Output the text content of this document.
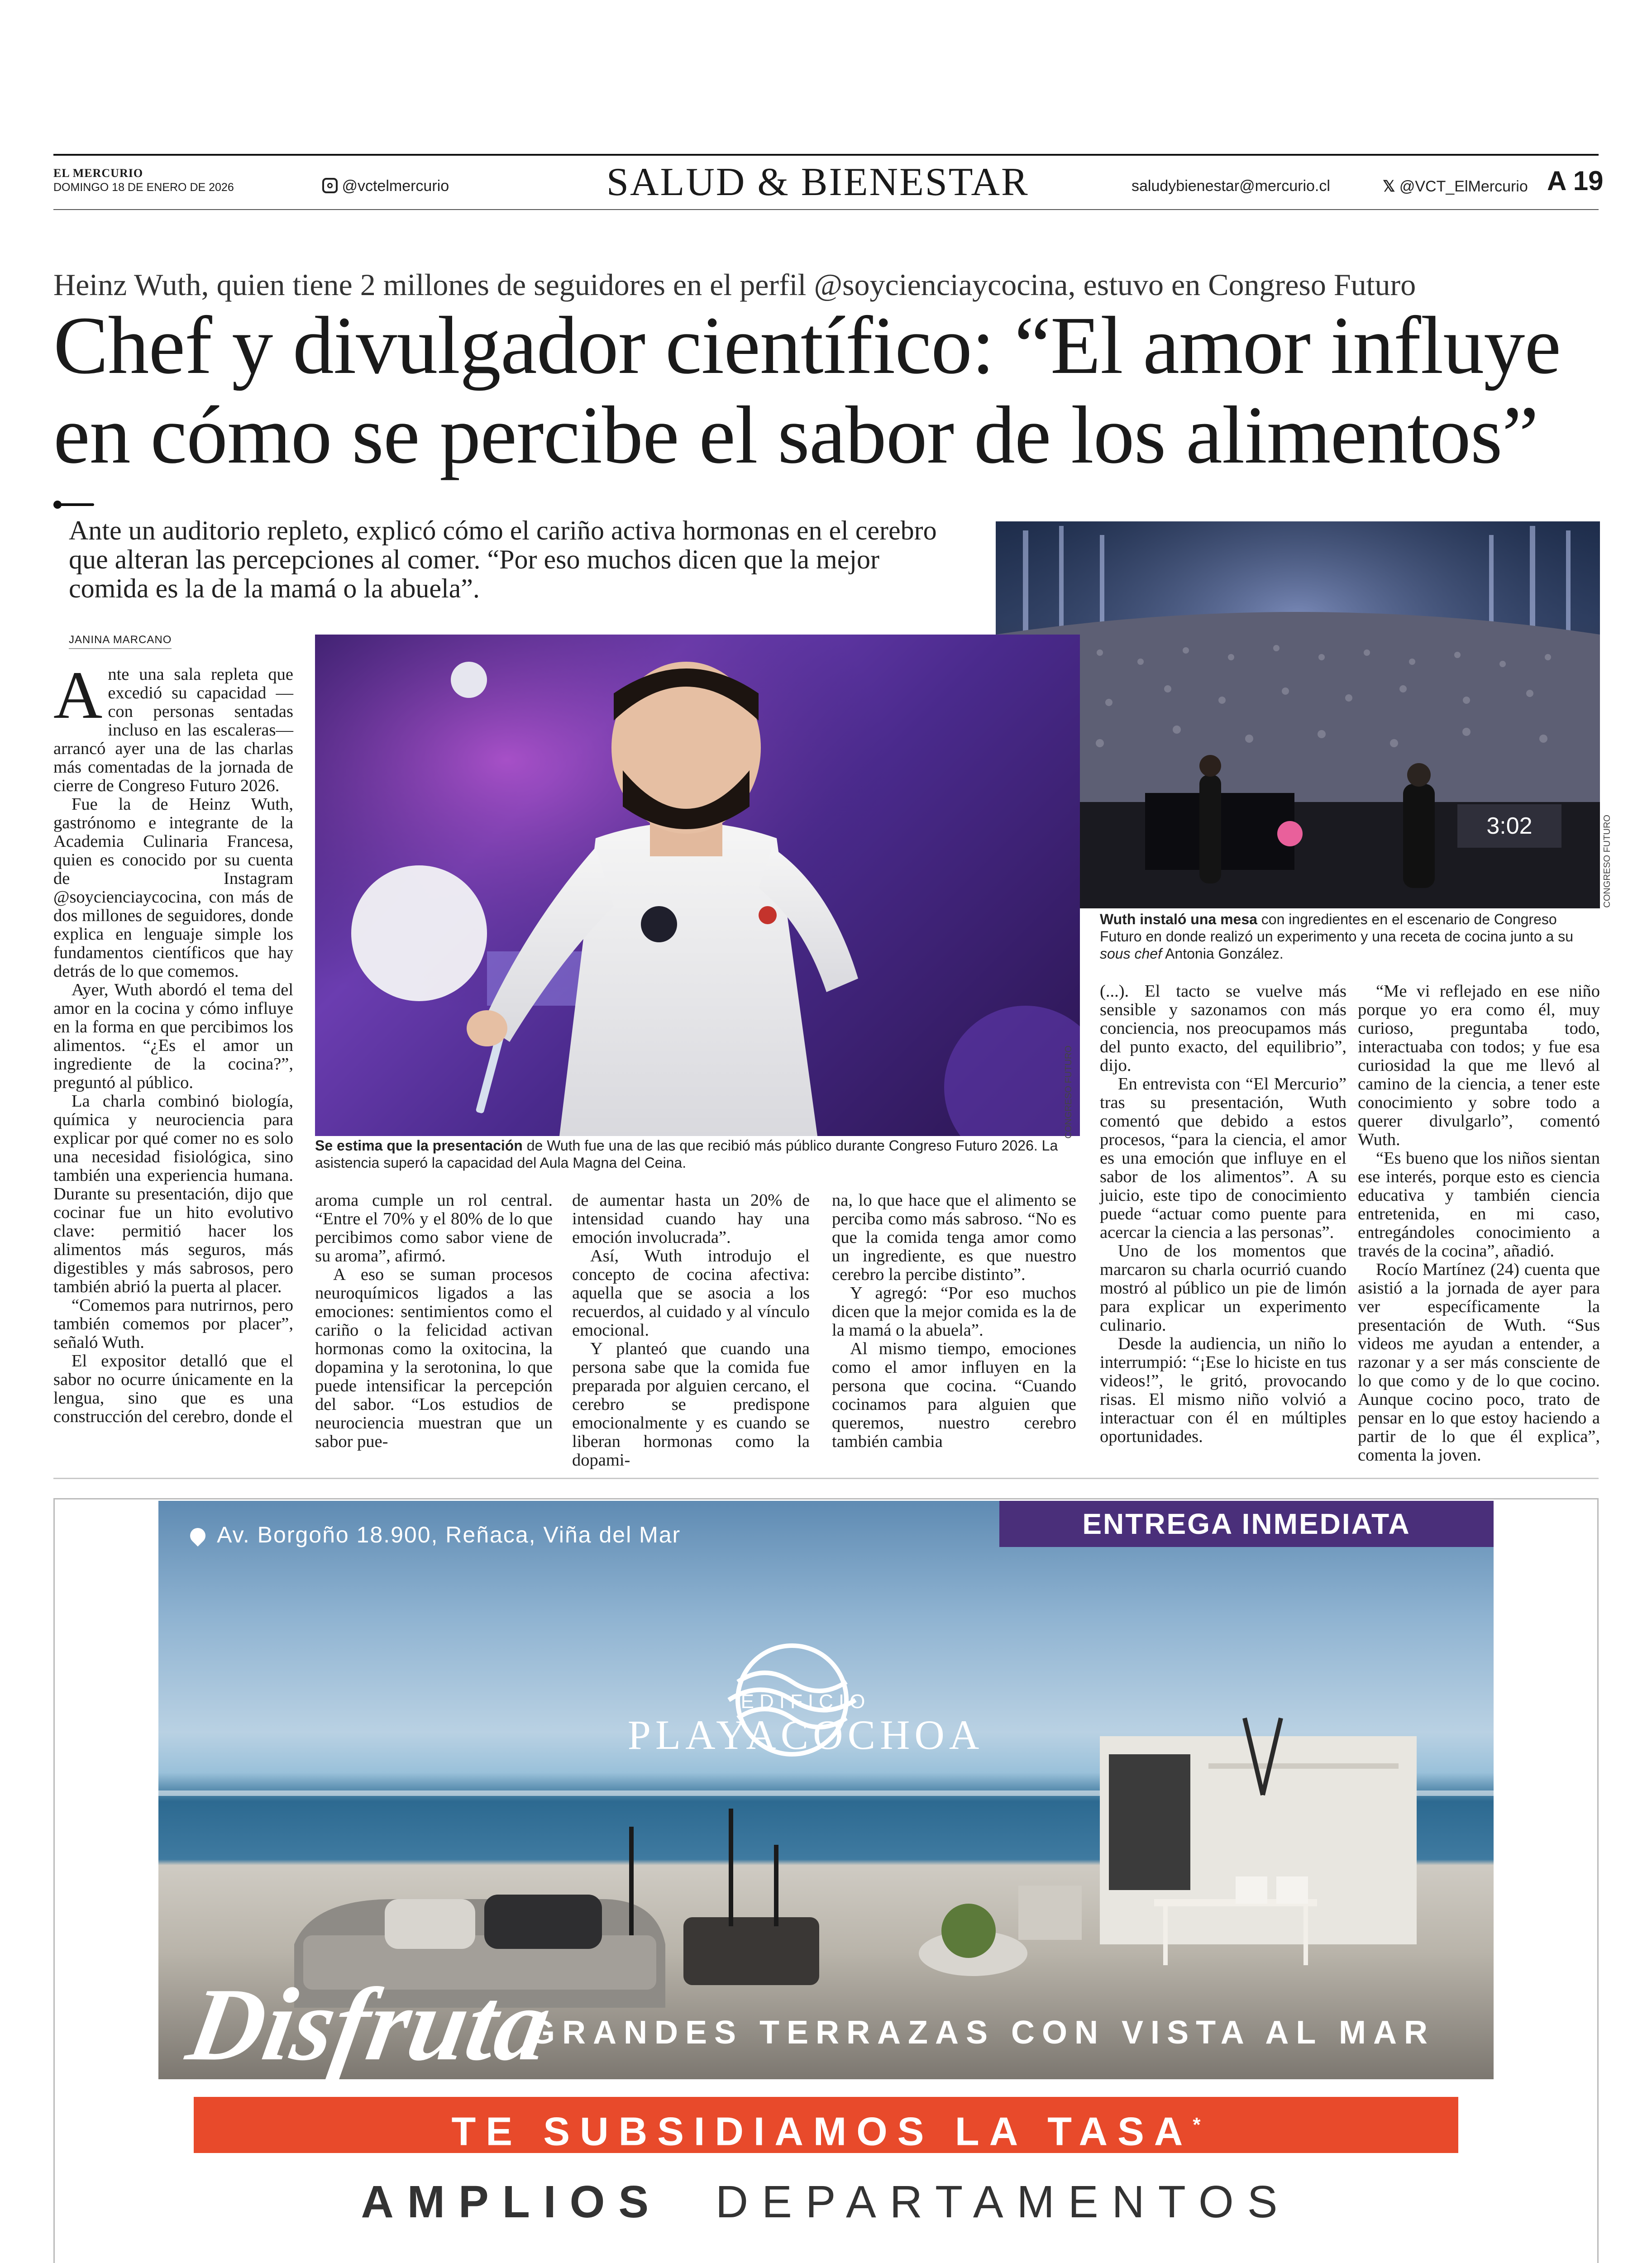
EL MERCURIO
DOMINGO 18 DE ENERO DE 2026	@vctelmercurio	SALUD & BIENESTAR	saludybienestar@mercurio.cl	𝕏 @VCT_ElMercurio A 19
Heinz Wuth, quien tiene 2 millones de seguidores en el perfil @soycienciaycocina, estuvo en Congreso Futuro
Chef y divulgador científico: “El amor influye en cómo se percibe el sabor de los alimentos”
Ante un auditorio repleto, explicó cómo el cariño activa hormonas en el cerebro que alteran las percepciones al comer. “Por eso muchos dicen que la mejor comida es la de la mamá o la abuela”.
JANINA MARCANO
3:02	CONGRESO FUTURO
Wuth instaló una mesa con ingredientes en el escenario de Congreso Futuro en donde realizó un experimento y una receta de cocina junto a su sous chef Antonia González.
CONGRESO FUTURO
Se estima que la presentación de Wuth fue una de las que recibió más público durante Congreso Futuro 2026. La asistencia superó la capacidad del Aula Magna del Ceina.

Ante una sala repleta que excedió su capacidad —con personas sentadas incluso en las escaleras— arrancó ayer una de las charlas más comentadas de la jornada de cierre de Congreso Futuro 2026.

Fue la de Heinz Wuth, gastrónomo e integrante de la Academia Culinaria Francesa, quien es conocido por su cuenta de Instagram @soycienciaycocina, con más de dos millones de seguidores, donde explica en lenguaje simple los fundamentos científicos que hay detrás de lo que comemos.

Ayer, Wuth abordó el tema del amor en la cocina y cómo influye en la forma en que percibimos los alimentos. “¿Es el amor un ingrediente de la cocina?”, preguntó al público.

La charla combinó biología, química y neurociencia para explicar por qué comer no es solo una necesidad fisiológica, sino también una experiencia humana. Durante su presentación, dijo que cocinar fue un hito evolutivo clave: permitió hacer los alimentos más seguros, más digestibles y más sabrosos, pero también abrió la puerta al placer.

“Comemos para nutrirnos, pero también comemos por placer”, señaló Wuth.

El expositor detalló que el sabor no ocurre únicamente en la lengua, sino que es una construcción del cerebro, donde el

aroma cumple un rol central. “Entre el 70% y el 80% de lo que percibimos como sabor viene de su aroma”, afirmó.

A eso se suman procesos neuroquímicos ligados a las emociones: sentimientos como el cariño o la felicidad activan hormonas como la oxitocina, la dopamina y la serotonina, lo que puede intensificar la percepción del sabor. “Los estudios de neurociencia muestran que un sabor pue-

de aumentar hasta un 20% de intensidad cuando hay una emoción involucrada”.

Así, Wuth introdujo el concepto de cocina afectiva: aquella que se asocia a los recuerdos, al cuidado y al vínculo emocional.

Y planteó que cuando una persona sabe que la comida fue preparada por alguien cercano, el cerebro se predispone emocionalmente y es cuando se liberan hormonas como la dopami-

na, lo que hace que el alimento se perciba como más sabroso. “No es que la comida tenga amor como un ingrediente, es que nuestro cerebro la percibe distinto”.

Y agregó: “Por eso muchos dicen que la mejor comida es la de la mamá o la abuela”.

Al mismo tiempo, emociones como el amor influyen en la persona que cocina. “Cuando cocinamos para alguien que queremos, nuestro cerebro también cambia

(...). El tacto se vuelve más sensible y sazonamos con más conciencia, nos preocupamos más del punto exacto, del equilibrio”, dijo.

En entrevista con “El Mercurio” tras su presentación, Wuth comentó que debido a estos procesos, “para la ciencia, el amor es una emoción que influye en el sabor de los alimentos”. A su juicio, este tipo de conocimiento puede “actuar como puente para acercar la ciencia a las personas”.

Uno de los momentos que marcaron su charla ocurrió cuando mostró al público un pie de limón para explicar un experimento culinario.

Desde la audiencia, un niño lo interrumpió: “¡Ese lo hiciste en tus videos!”, le gritó, provocando risas. El mismo niño volvió a interactuar con él en múltiples oportunidades.

“Me vi reflejado en ese niño porque yo era como él, muy curioso, preguntaba todo, interactuaba con todos; y fue esa curiosidad la que me llevó al camino de la ciencia, a tener este conocimiento y sobre todo a querer divulgarlo”, comentó Wuth.

“Es bueno que los niños sientan ese interés, porque esto es ciencia educativa y también ciencia entretenida, en mi caso, entregándoles conocimiento a través de la cocina”, añadió.

Rocío Martínez (24) cuenta que asistió a la jornada de ayer para ver específicamente la presentación de Wuth. “Sus videos me ayudan a entender, a razonar y a ser más consciente de lo que como y de lo que cocino. Aunque cocino poco, trato de pensar en lo que estoy haciendo a partir de lo que él explica”, comenta la joven.

ENTREGA INMEDIATA
Av. Borgoño 18.900, Reñaca, Viña del Mar
EDIFICIO
PLAYACOCHOA
Disfruta
GRANDES TERRAZAS CON VISTA AL MAR
TE SUBSIDIAMOS LA TASA*
AMPLIOS DEPARTAMENTOS
